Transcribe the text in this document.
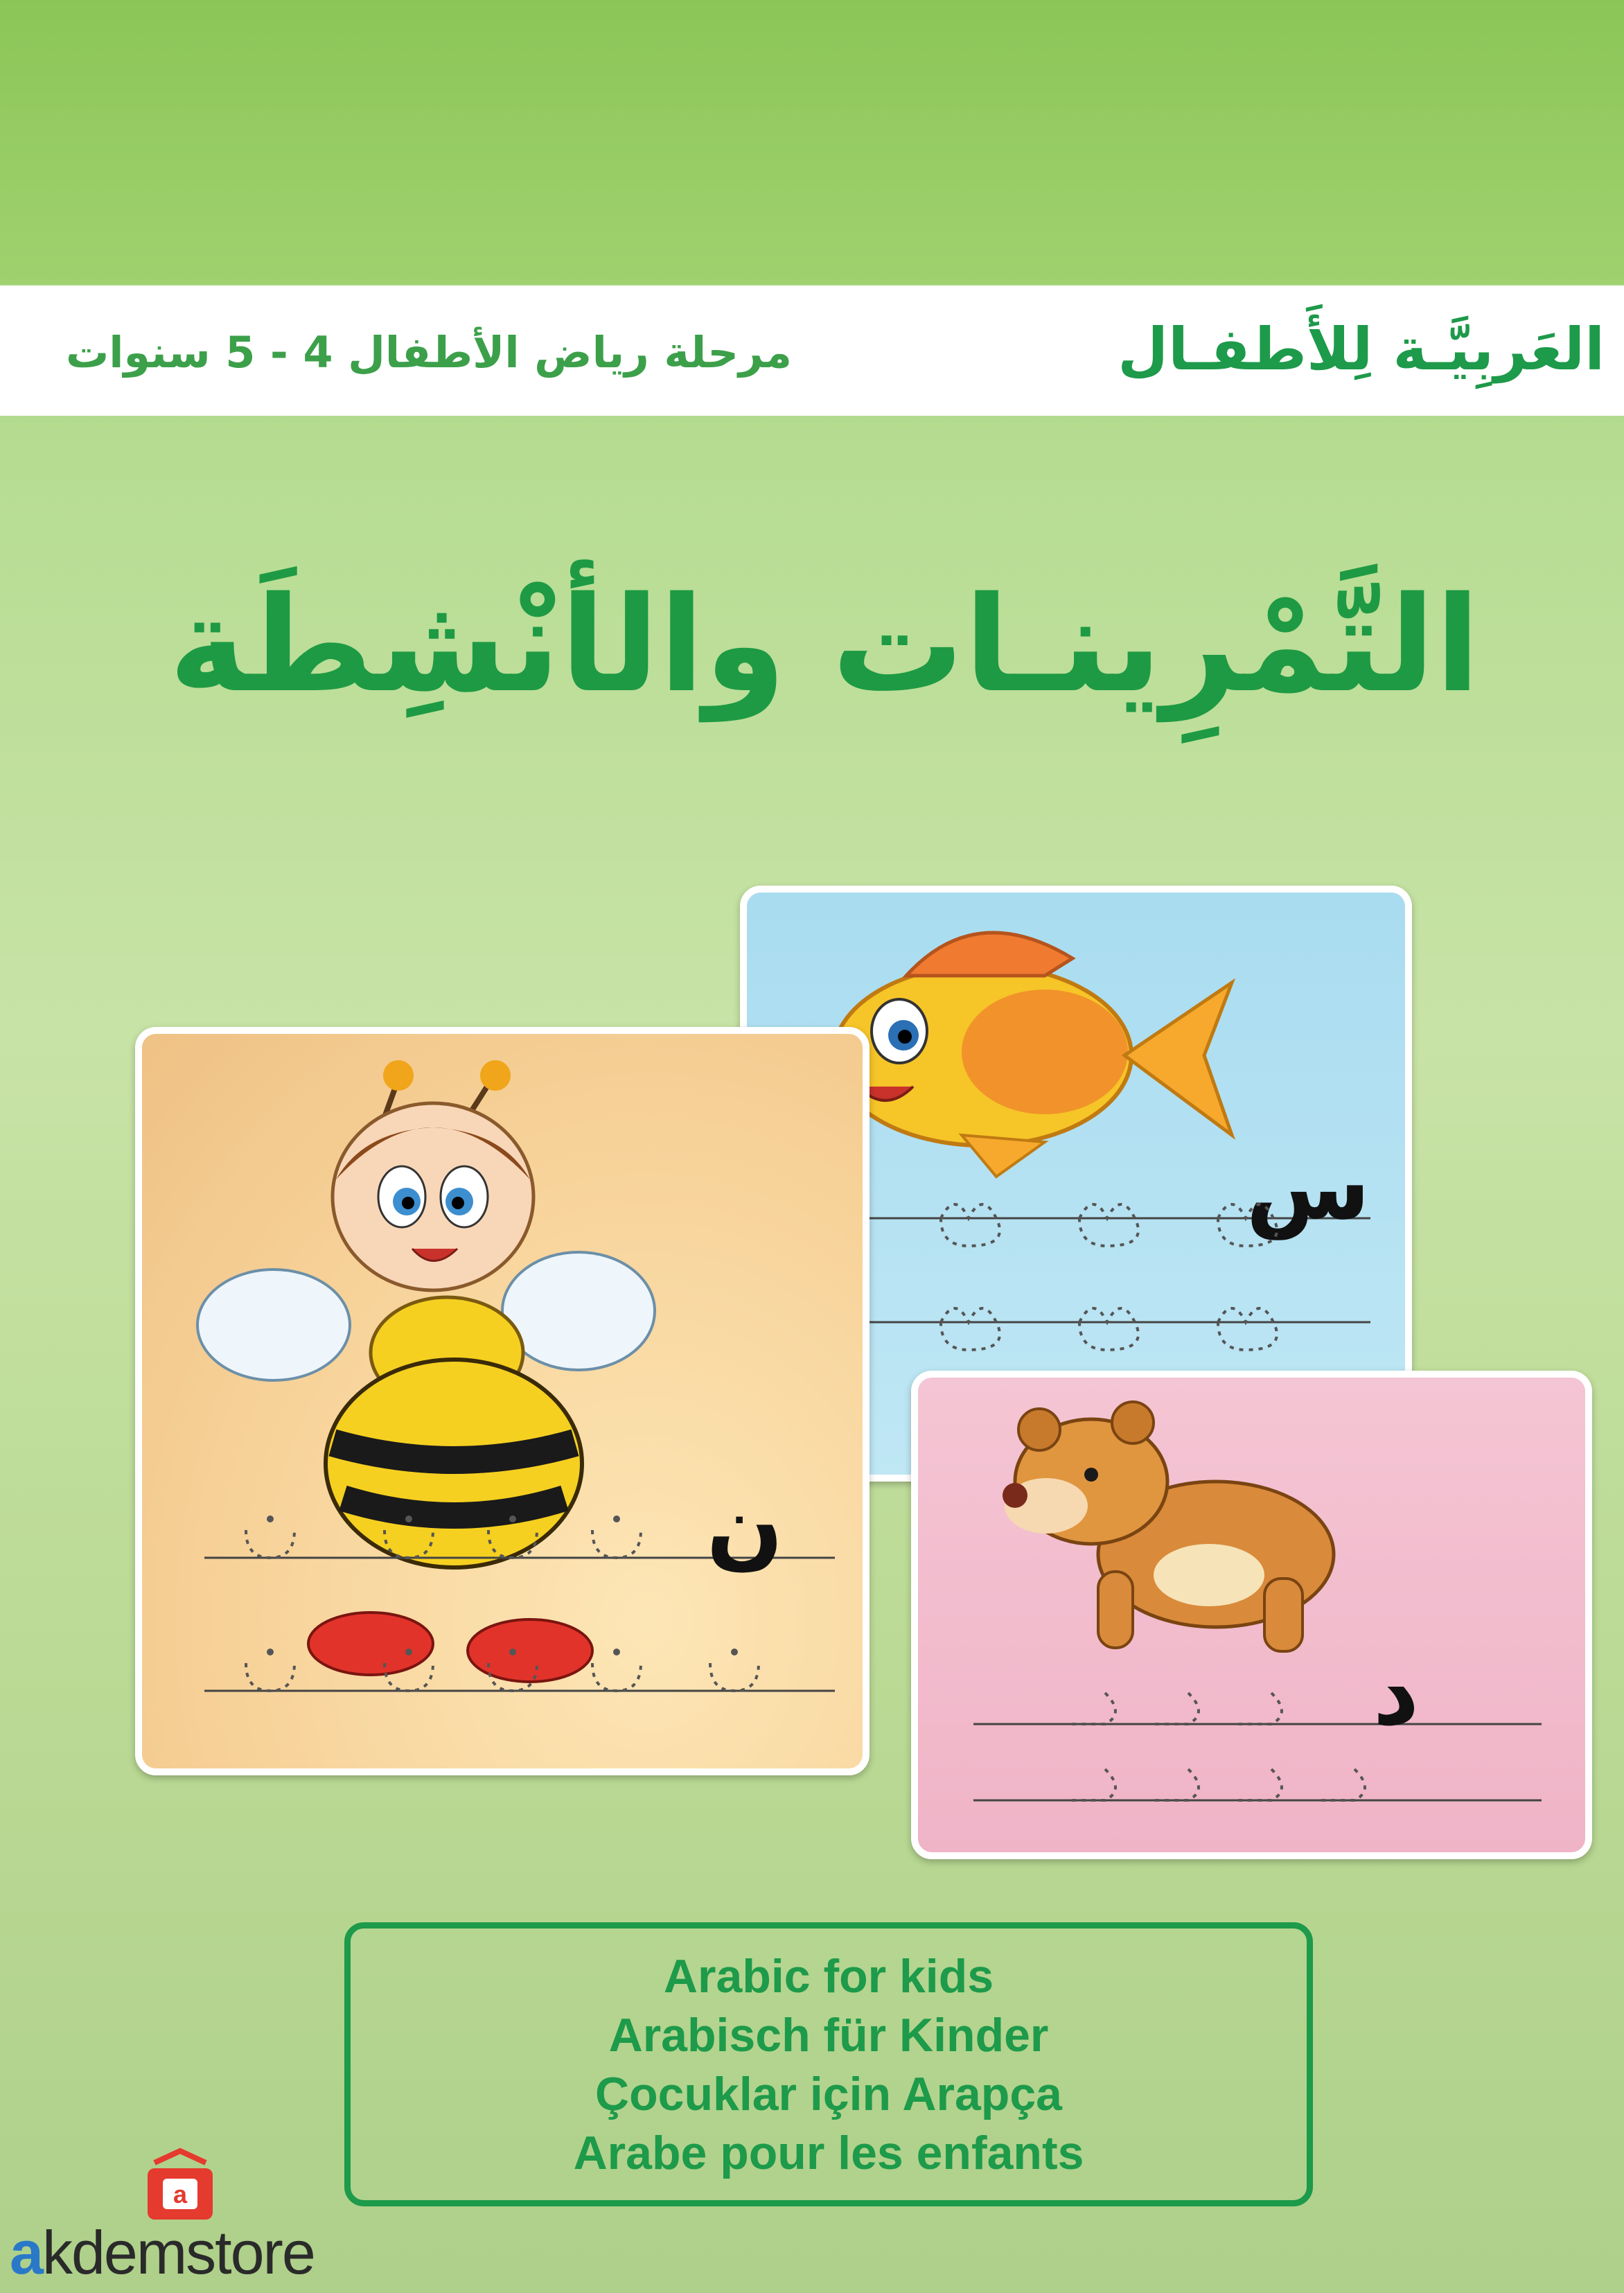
العَربِيَّـة لِلأَطفـال
مرحلة رياض الأطفال 4 - 5 سنوات
التَّمْرِينـات والأنْشِطَة
س
ن
د
Arabic for kids
Arabisch für Kinder
Çocuklar için Arapça
Arabe pour les enfants
a
akdemstore
